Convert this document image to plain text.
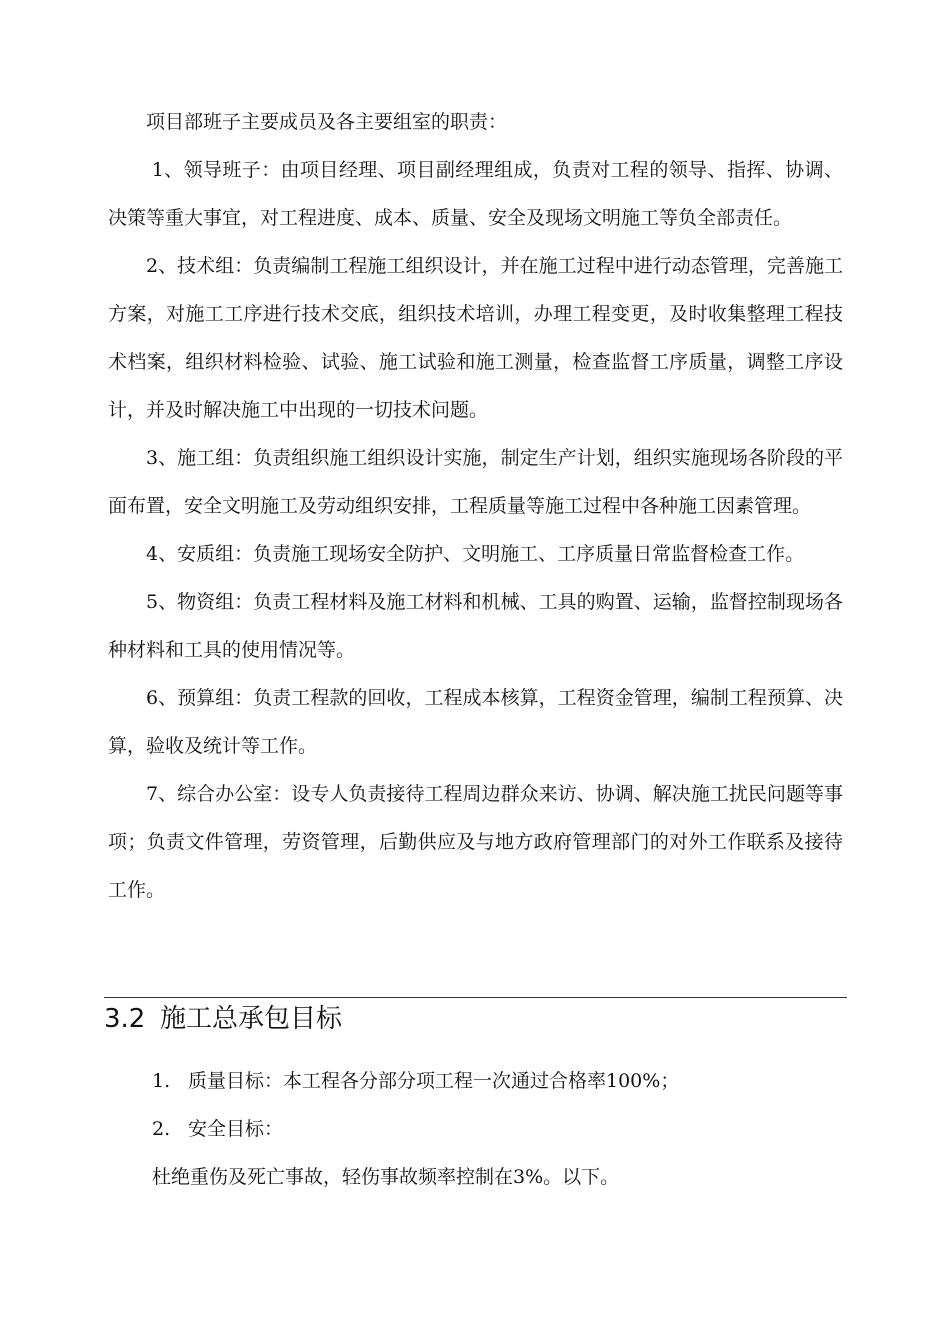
项目部班子主要成员及各主要组室的职责：

1、领导班子：由项目经理、项目副经理组成，负责对工程的领导、指挥、协调、决策等重大事宜，对工程进度、成本、质量、安全及现场文明施工等负全部责任。

2、技术组：负责编制工程施工组织设计，并在施工过程中进行动态管理，完善施工方案，对施工工序进行技术交底，组织技术培训，办理工程变更，及时收集整理工程技术档案，组织材料检验、试验、施工试验和施工测量，检查监督工序质量，调整工序设计，并及时解决施工中出现的一切技术问题。

3、施工组：负责组织施工组织设计实施，制定生产计划，组织实施现场各阶段的平面布置，安全文明施工及劳动组织安排，工程质量等施工过程中各种施工因素管理。

4、安质组：负责施工现场安全防护、文明施工、工序质量日常监督检查工作。

5、物资组：负责工程材料及施工材料和机械、工具的购置、运输，监督控制现场各种材料和工具的使用情况等。

6、预算组：负责工程款的回收，工程成本核算，工程资金管理，编制工程预算、决算，验收及统计等工作。

7、综合办公室：设专人负责接待工程周边群众来访、协调、解决施工扰民问题等事项；负责文件管理，劳资管理，后勤供应及与地方政府管理部门的对外工作联系及接待工作。

3.2 施工总承包目标

1. 质量目标：本工程各分部分项工程一次通过合格率100%；

2. 安全目标：

杜绝重伤及死亡事故，轻伤事故频率控制在3%。以下。
